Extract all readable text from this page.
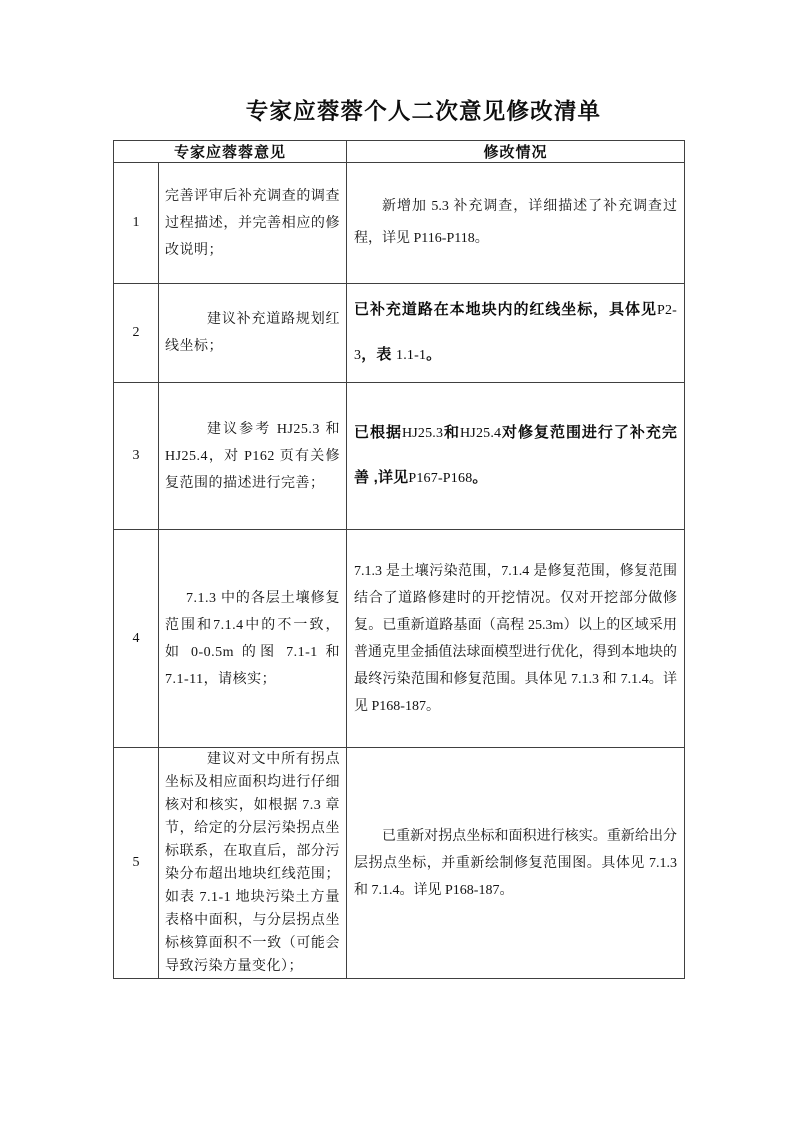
专家应蓉蓉个人二次意见修改清单
专家应蓉蓉意见		修改情况
1	完善评审后补充调查的调查过程描述，并完善相应的修改说明；	新增加 5.3 补充调查，详细描述了补充调查过程，详见 P116-P118。
2	建议补充道路规划红线坐标；	已补充道路在本地块内的红线坐标，具体见P2-3，表 1.1-1。
3	建议参考 HJ25.3 和 HJ25.4，对 P162 页有关修复范围的描述进行完善；	已根据HJ25.3和HJ25.4对修复范围进行了补充完善 ,详见P167-P168。
4	7.1.3 中的各层土壤修复范围和7.1.4中的不一致，如 0-0.5m 的图 7.1-1 和 7.1-11，请核实；	7.1.3 是土壤污染范围，7.1.4 是修复范围，修复范围结合了道路修建时的开挖情况。仅对开挖部分做修复。已重新道路基面（高程 25.3m）以上的区域采用普通克里金插值法球面模型进行优化，得到本地块的最终污染范围和修复范围。具体见 7.1.3 和 7.1.4。详见 P168-187。
5	建议对文中所有拐点坐标及相应面积均进行仔细核对和核实，如根据 7.3 章节，给定的分层污染拐点坐标联系，在取直后，部分污染分布超出地块红线范围；如表 7.1-1 地块污染土方量表格中面积，与分层拐点坐标核算面积不一致（可能会导致污染方量变化）；	已重新对拐点坐标和面积进行核实。重新给出分层拐点坐标，并重新绘制修复范围图。具体见 7.1.3 和 7.1.4。详见 P168-187。
